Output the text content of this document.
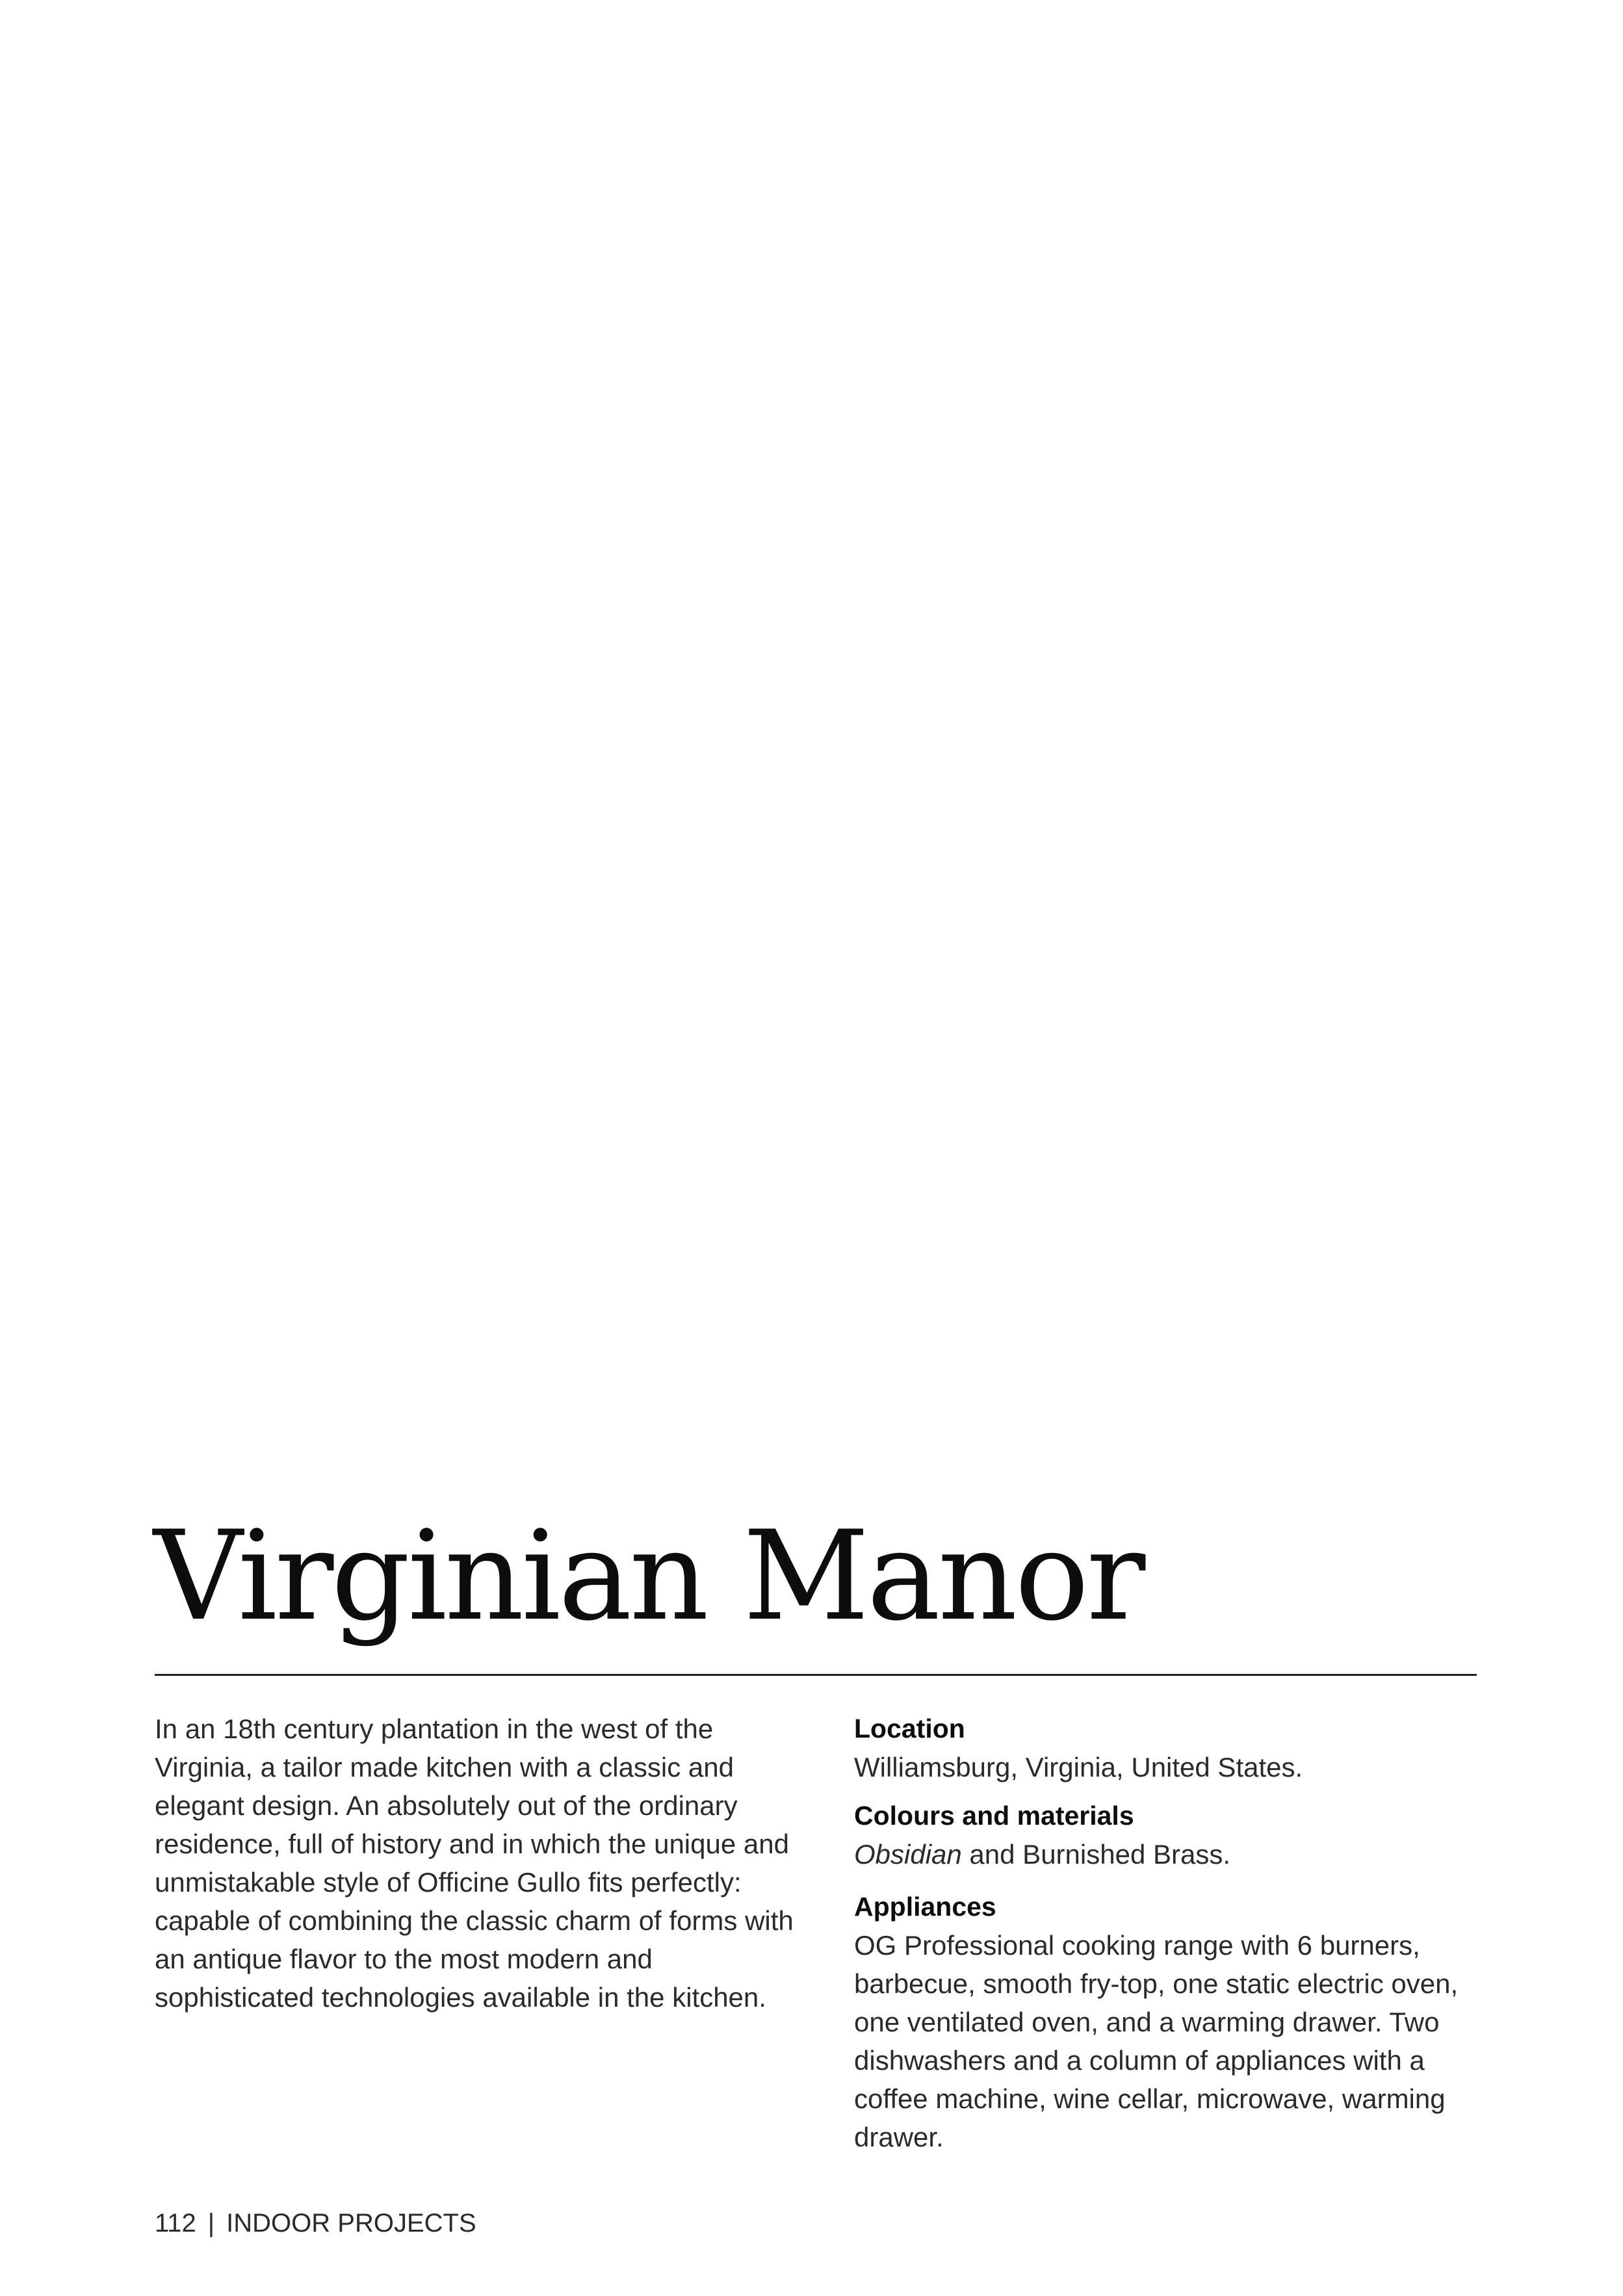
Virginian Manor

In an 18th century plantation in the west of the Virginia, a tailor made kitchen with a classic and elegant design. An absolutely out of the ordinary residence, full of history and in which the unique and unmistakable style of Officine Gullo fits perfectly: capable of combining the classic charm of forms with an antique flavor to the most modern and sophisticated technologies available in the kitchen.

Location
Williamsburg, Virginia, United States.

Colours and materials
Obsidian and Burnished Brass.

Appliances
OG Professional cooking range with 6 burners, barbecue, smooth fry-top, one static electric oven, one ventilated oven, and a warming drawer. Two dishwashers and a column of appliances with a coffee machine, wine cellar, microwave, warming drawer.

112 | INDOOR PROJECTS
